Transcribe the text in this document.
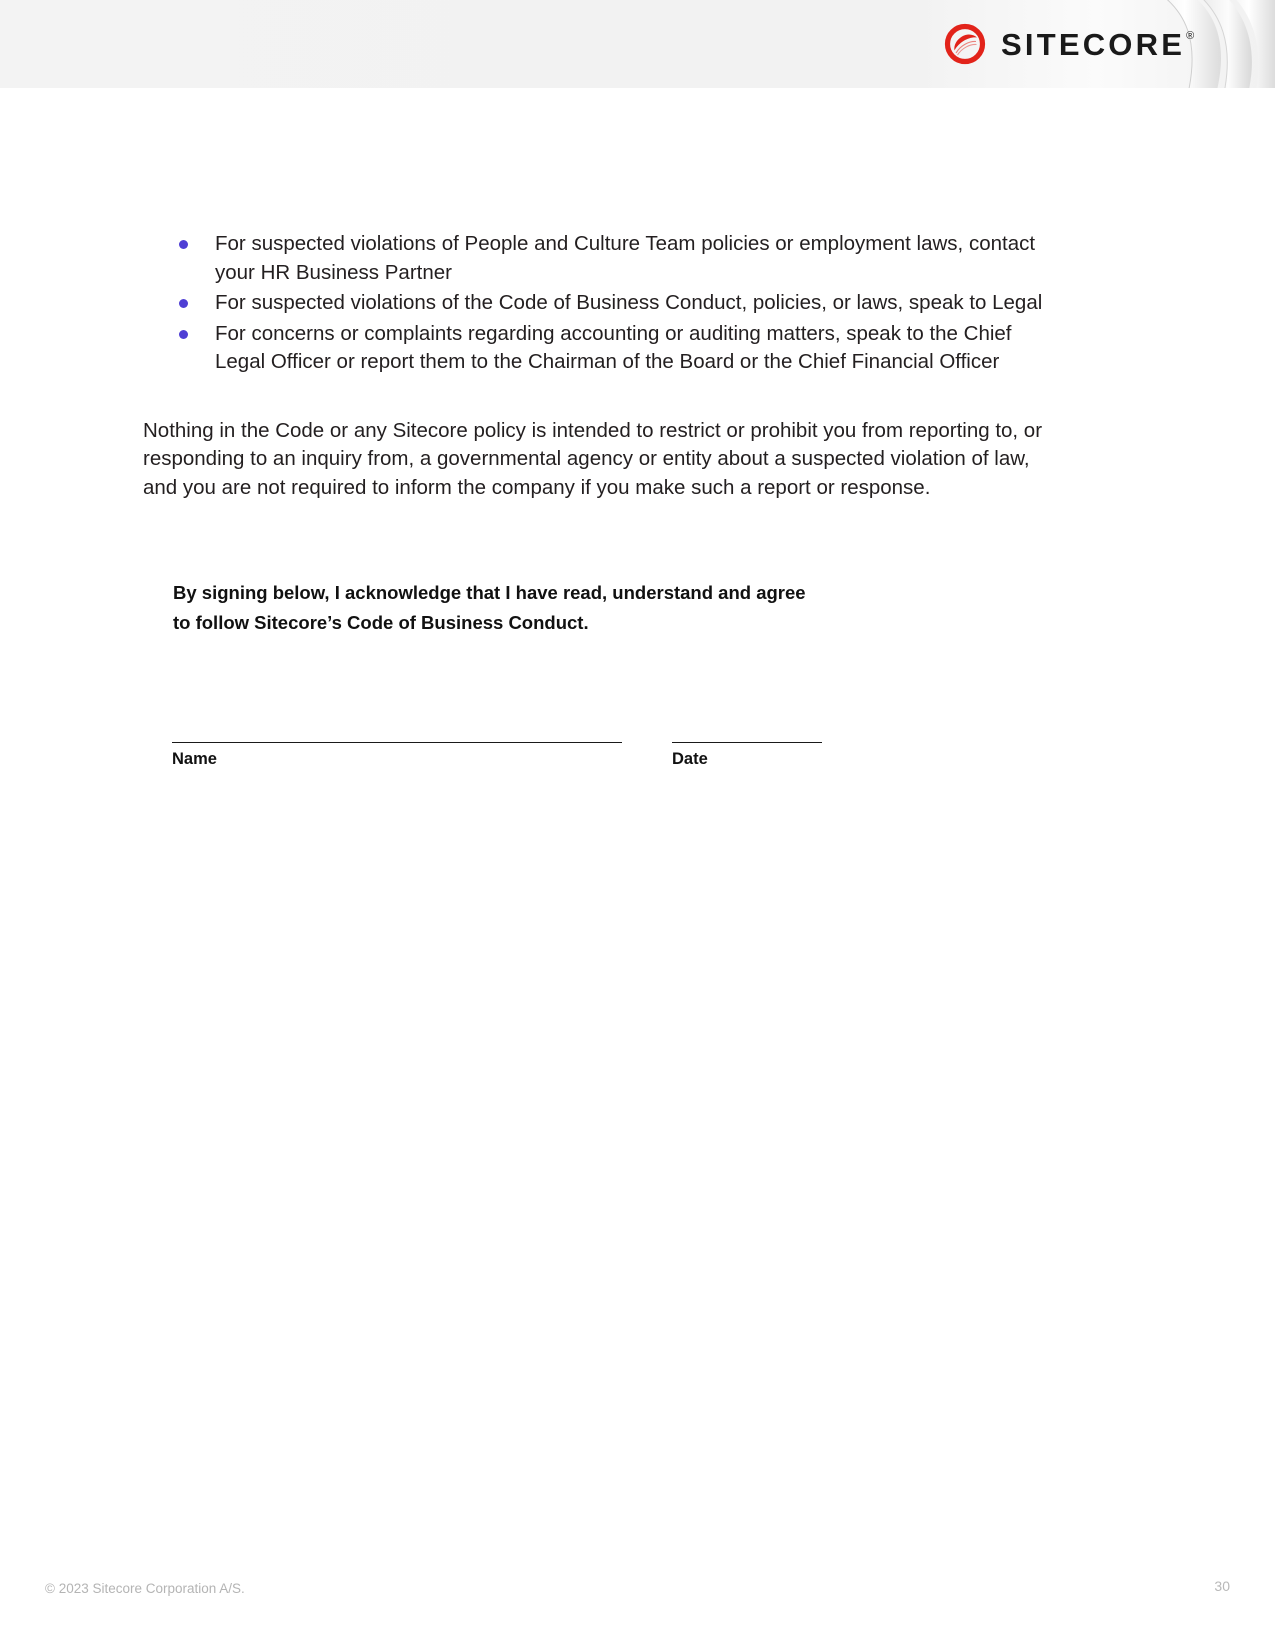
SITECORE ®
For suspected violations of People and Culture Team policies or employment laws, contact your HR Business Partner
For suspected violations of the Code of Business Conduct, policies, or laws, speak to Legal
For concerns or complaints regarding accounting or auditing matters, speak to the Chief Legal Officer or report them to the Chairman of the Board or the Chief Financial Officer

Nothing in the Code or any Sitecore policy is intended to restrict or prohibit you from reporting to, or responding to an inquiry from, a governmental agency or entity about a suspected violation of law, and you are not required to inform the company if you make such a report or response.

By signing below, I acknowledge that I have read, understand and agree
to follow Sitecore’s Code of Business Conduct.
Name	Date
© 2023 Sitecore Corporation A/S.	30
